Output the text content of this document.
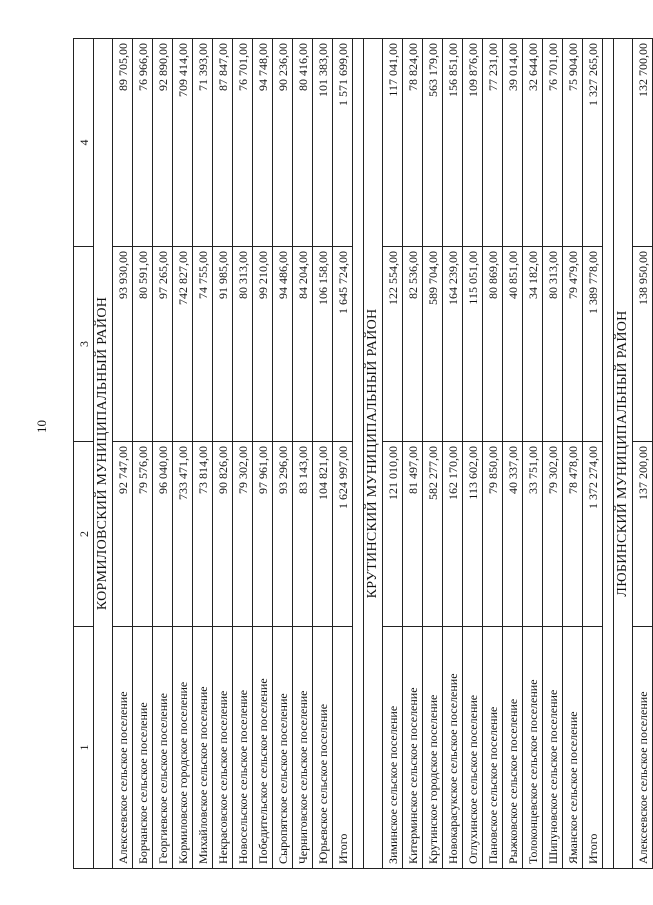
10
1	2	3	4
КОРМИЛОВСКИЙ МУНИЦИПАЛЬНЫЙ РАЙОН			
Алексеевское сельское поселение	92 747,00	93 930,00	89 705,00
Борчанское сельское поселение	79 576,00	80 591,00	76 966,00
Георгиевское сельское поселение	96 040,00	97 265,00	92 890,00
Кормиловское городское поселение	733 471,00	742 827,00	709 414,00
Михайловское сельское поселение	73 814,00	74 755,00	71 393,00
Некрасовское сельское поселение	90 826,00	91 985,00	87 847,00
Новосельское сельское поселение	79 302,00	80 313,00	76 701,00
Победительское сельское поселение	97 961,00	99 210,00	94 748,00
Сыропятское сельское поселение	93 296,00	94 486,00	90 236,00
Черниговское сельское поселение	83 143,00	84 204,00	80 416,00
Юрьевское сельское поселение	104 821,00	106 158,00	101 383,00
Итого	1 624 997,00	1 645 724,00	1 571 699,00

КРУТИНСКИЙ МУНИЦИПАЛЬНЫЙ РАЙОН			
Зиминское сельское поселение	121 010,00	122 554,00	117 041,00
Китерминское сельское поселение	81 497,00	82 536,00	78 824,00
Крутинское городское поселение	582 277,00	589 704,00	563 179,00
Новокарасукское сельское поселение	162 170,00	164 239,00	156 851,00
Оглухинское сельское поселение	113 602,00	115 051,00	109 876,00
Пановское сельское поселение	79 850,00	80 869,00	77 231,00
Рыжковское сельское поселение	40 337,00	40 851,00	39 014,00
Толоконцевское сельское поселение	33 751,00	34 182,00	32 644,00
Шипуновское сельское поселение	79 302,00	80 313,00	76 701,00
Яманское сельское поселение	78 478,00	79 479,00	75 904,00
Итого	1 372 274,00	1 389 778,00	1 327 265,00

ЛЮБИНСКИЙ МУНИЦИПАЛЬНЫЙ РАЙОН			
Алексеевское сельское поселение	137 200,00	138 950,00	132 700,00
